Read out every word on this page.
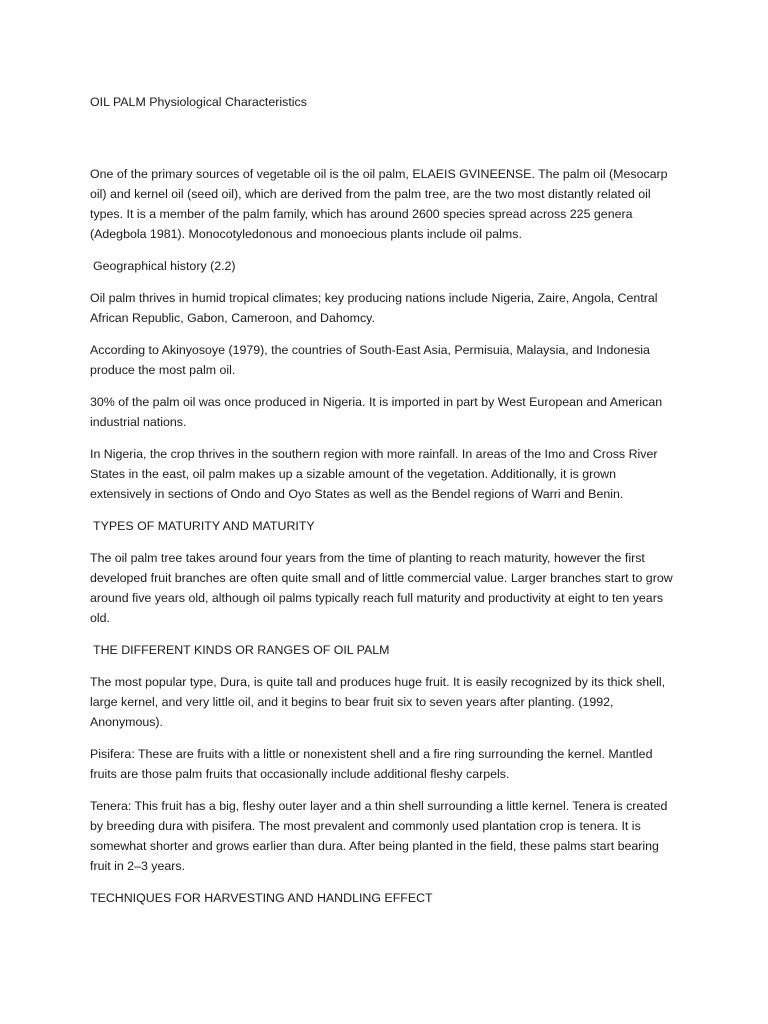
OIL PALM Physiological Characteristics

One of the primary sources of vegetable oil is the oil palm, ELAEIS GVINEENSE. The palm oil (Mesocarp oil) and kernel oil (seed oil), which are derived from the palm tree, are the two most distantly related oil types. It is a member of the palm family, which has around 2600 species spread across 225 genera (Adegbola 1981). Monocotyledonous and monoecious plants include oil palms.

Geographical history (2.2)

Oil palm thrives in humid tropical climates; key producing nations include Nigeria, Zaire, Angola, Central African Republic, Gabon, Cameroon, and Dahomcy.

According to Akinyosoye (1979), the countries of South-East Asia, Permisuia, Malaysia, and Indonesia produce the most palm oil.

30% of the palm oil was once produced in Nigeria. It is imported in part by West European and American industrial nations.

In Nigeria, the crop thrives in the southern region with more rainfall. In areas of the Imo and Cross River States in the east, oil palm makes up a sizable amount of the vegetation. Additionally, it is grown extensively in sections of Ondo and Oyo States as well as the Bendel regions of Warri and Benin.

TYPES OF MATURITY AND MATURITY

The oil palm tree takes around four years from the time of planting to reach maturity, however the first developed fruit branches are often quite small and of little commercial value. Larger branches start to grow around five years old, although oil palms typically reach full maturity and productivity at eight to ten years old.

THE DIFFERENT KINDS OR RANGES OF OIL PALM

The most popular type, Dura, is quite tall and produces huge fruit. It is easily recognized by its thick shell, large kernel, and very little oil, and it begins to bear fruit six to seven years after planting. (1992, Anonymous).

Pisifera: These are fruits with a little or nonexistent shell and a fire ring surrounding the kernel. Mantled fruits are those palm fruits that occasionally include additional fleshy carpels.

Tenera: This fruit has a big, fleshy outer layer and a thin shell surrounding a little kernel. Tenera is created by breeding dura with pisifera. The most prevalent and commonly used plantation crop is tenera. It is somewhat shorter and grows earlier than dura. After being planted in the field, these palms start bearing fruit in 2–3 years.

TECHNIQUES FOR HARVESTING AND HANDLING EFFECT
